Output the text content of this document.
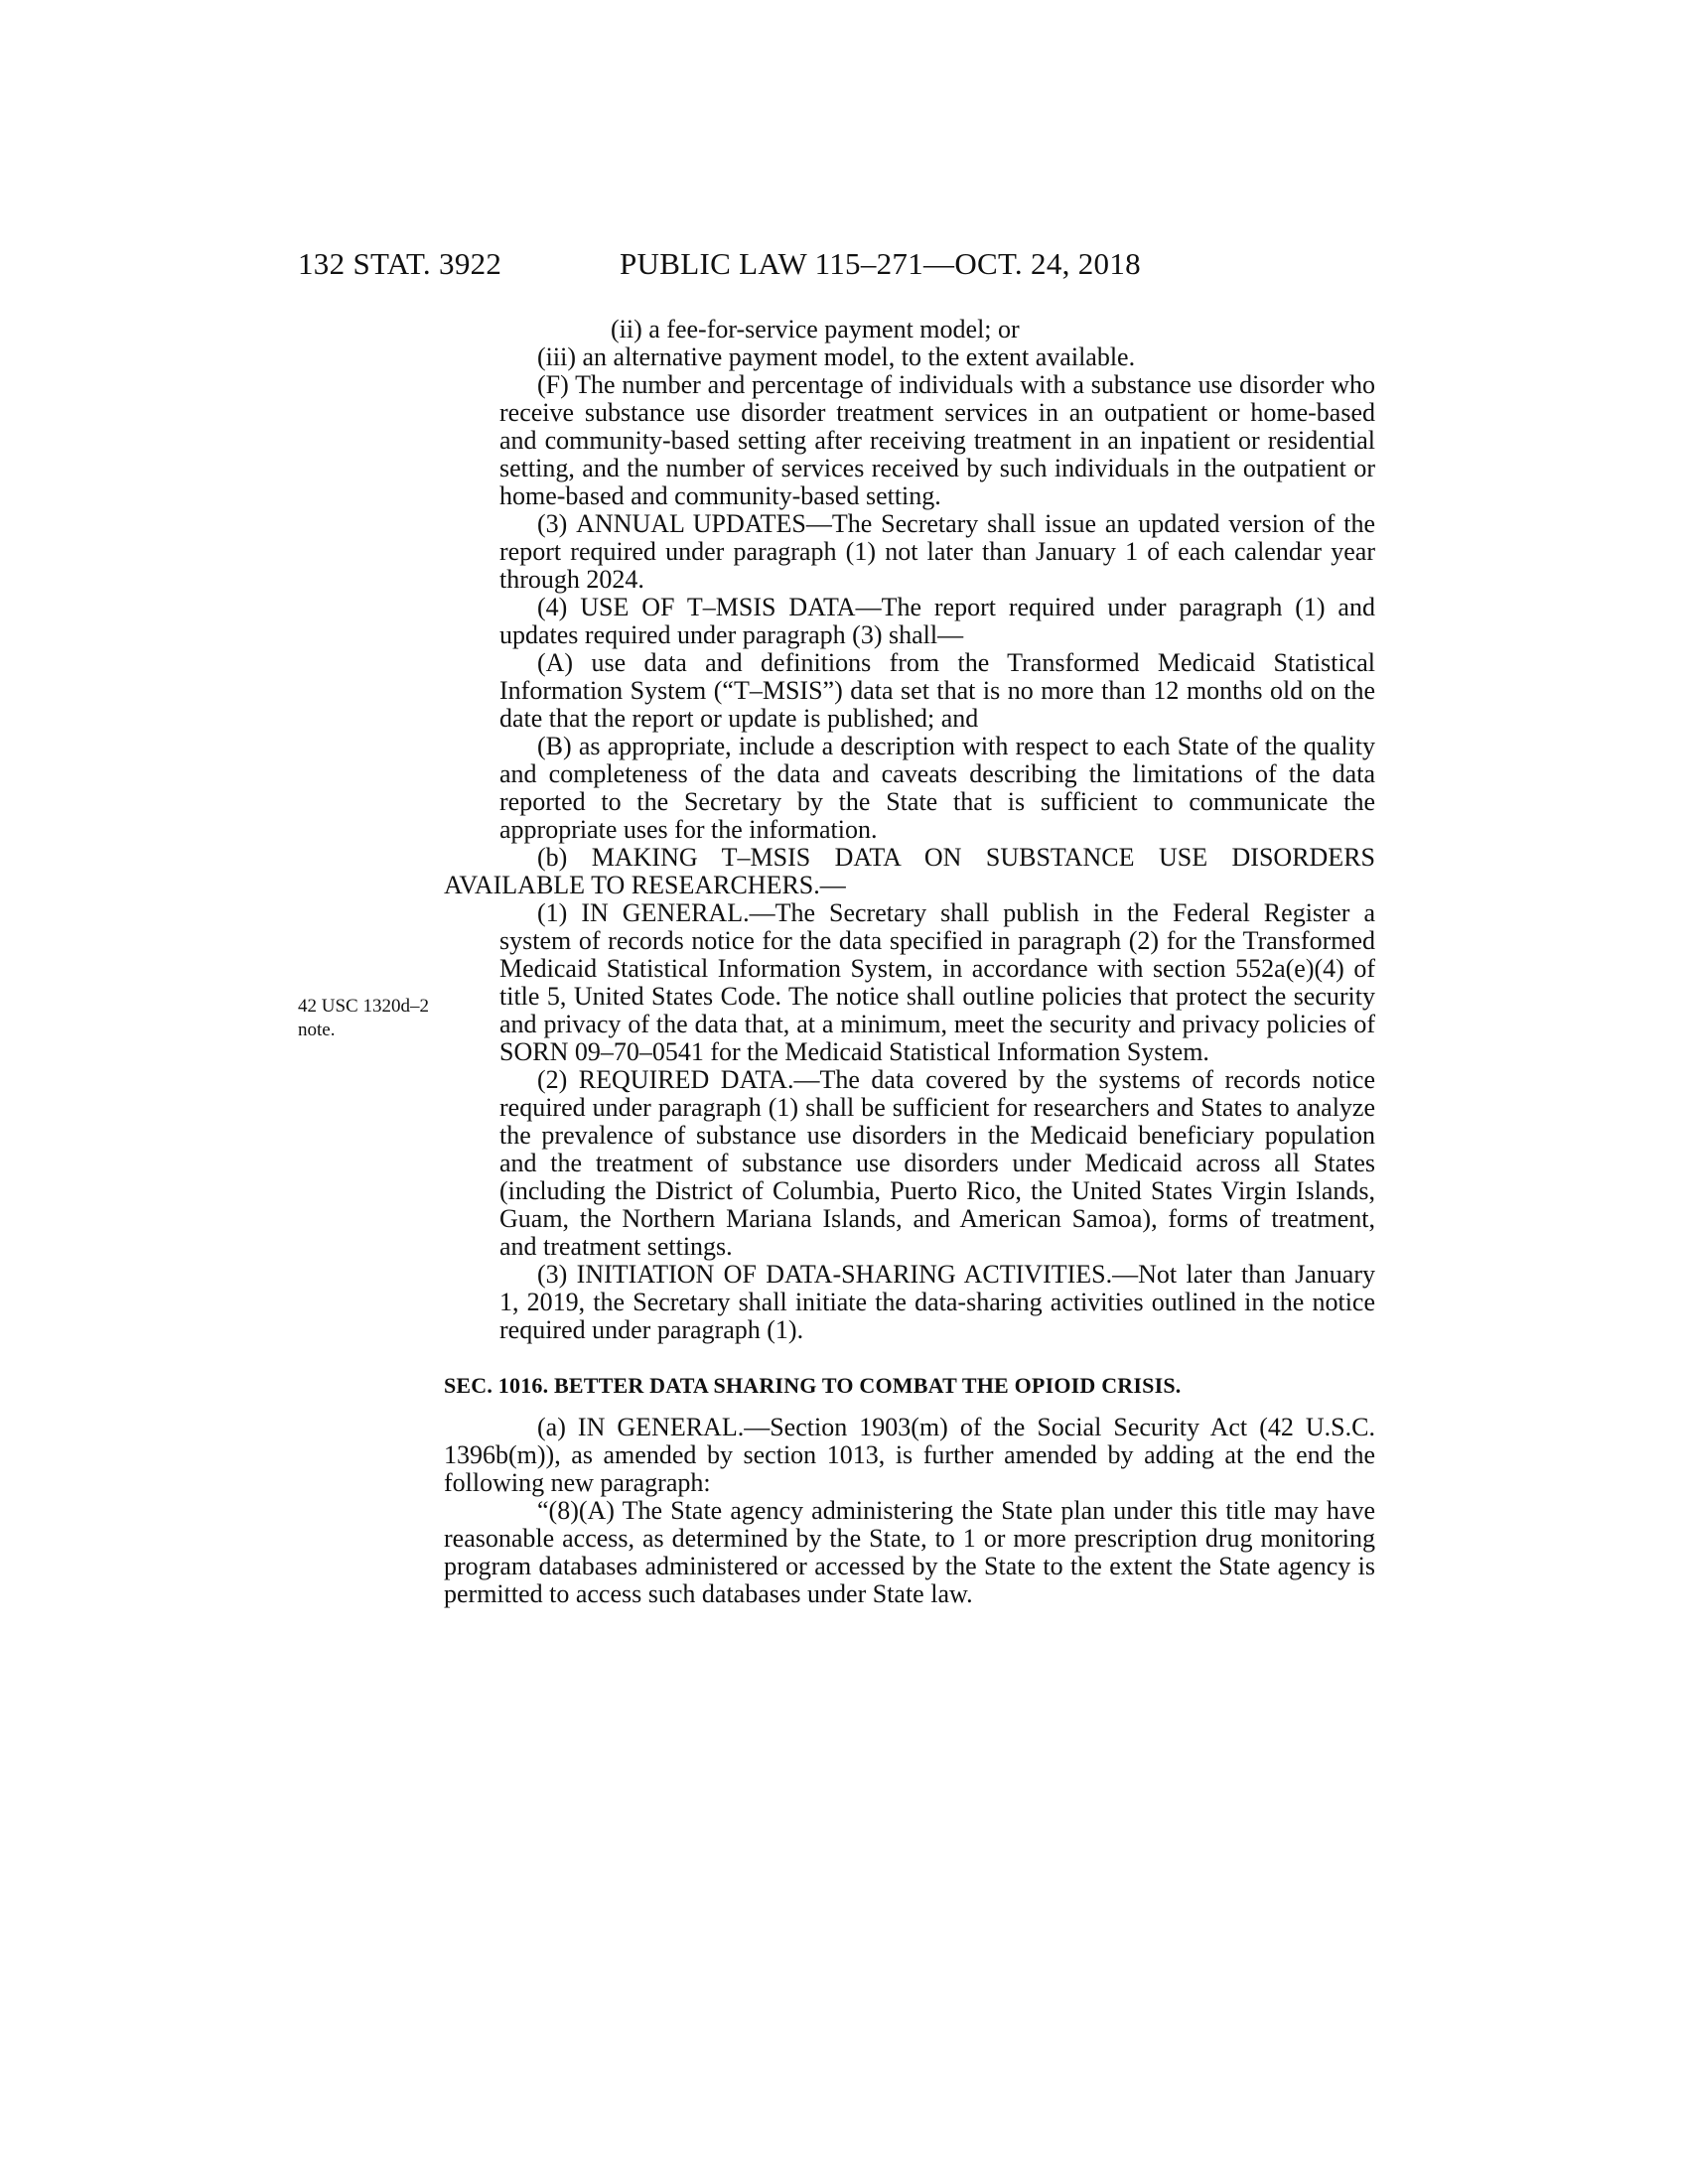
132 STAT. 3922	PUBLIC LAW 115–271—OCT. 24, 2018
42 USC 1320d–2
note.

(ii) a fee-for-service payment model; or

(iii) an alternative payment model, to the extent available.

(F) The number and percentage of individuals with a substance use disorder who receive substance use disorder treatment services in an outpatient or home-based and community-based setting after receiving treatment in an inpatient or residential setting, and the number of services received by such individuals in the outpatient or home-based and community-based setting.

(3) ANNUAL UPDATES—The Secretary shall issue an updated version of the report required under paragraph (1) not later than January 1 of each calendar year through 2024.

(4) USE OF T–MSIS DATA—The report required under paragraph (1) and updates required under paragraph (3) shall—

(A) use data and definitions from the Transformed Medicaid Statistical Information System (“T–MSIS”) data set that is no more than 12 months old on the date that the report or update is published; and

(B) as appropriate, include a description with respect to each State of the quality and completeness of the data and caveats describing the limitations of the data reported to the Secretary by the State that is sufficient to communicate the appropriate uses for the information.

(b) MAKING T–MSIS DATA ON SUBSTANCE USE DISORDERS AVAILABLE TO RESEARCHERS.—

(1) IN GENERAL.—The Secretary shall publish in the Federal Register a system of records notice for the data specified in paragraph (2) for the Transformed Medicaid Statistical Information System, in accordance with section 552a(e)(4) of title 5, United States Code. The notice shall outline policies that protect the security and privacy of the data that, at a minimum, meet the security and privacy policies of SORN 09–70–0541 for the Medicaid Statistical Information System.

(2) REQUIRED DATA.—The data covered by the systems of records notice required under paragraph (1) shall be sufficient for researchers and States to analyze the prevalence of substance use disorders in the Medicaid beneficiary population and the treatment of substance use disorders under Medicaid across all States (including the District of Columbia, Puerto Rico, the United States Virgin Islands, Guam, the Northern Mariana Islands, and American Samoa), forms of treatment, and treatment settings.

(3) INITIATION OF DATA-SHARING ACTIVITIES.—Not later than January 1, 2019, the Secretary shall initiate the data-sharing activities outlined in the notice required under paragraph (1).

SEC. 1016. BETTER DATA SHARING TO COMBAT THE OPIOID CRISIS.

(a) IN GENERAL.—Section 1903(m) of the Social Security Act (42 U.S.C. 1396b(m)), as amended by section 1013, is further amended by adding at the end the following new paragraph:

“(8)(A) The State agency administering the State plan under this title may have reasonable access, as determined by the State, to 1 or more prescription drug monitoring program databases administered or accessed by the State to the extent the State agency is permitted to access such databases under State law.
